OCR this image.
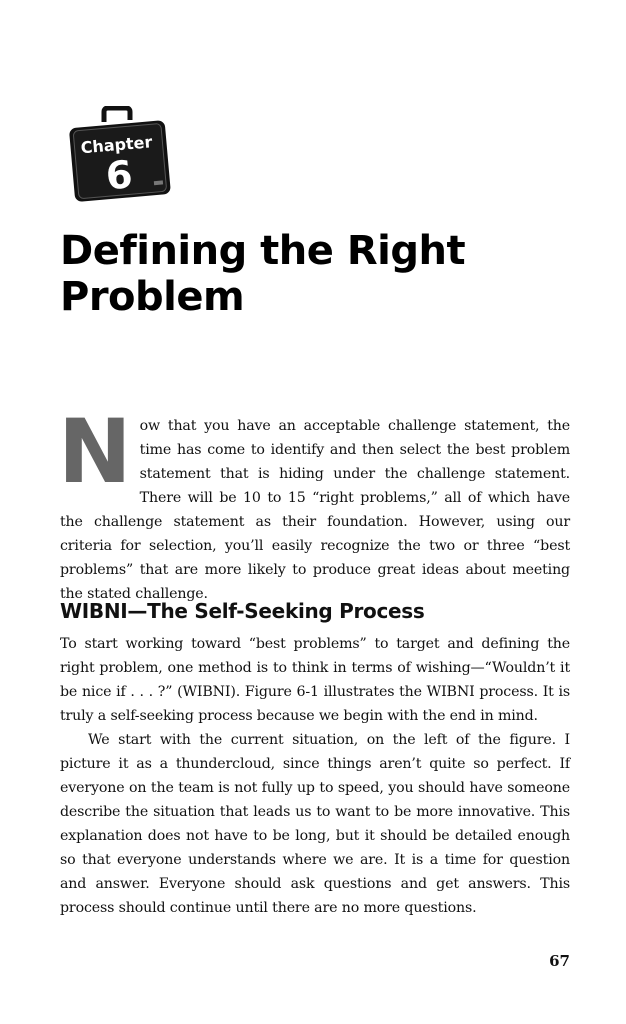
Chapter
6
Defining the Right
Problem
N ow that you have an acceptable challenge statement, the time has come to identify and then select the best problem statement that is hiding under the challenge statement. There will be 10 to 15 “right problems,” all of which have the challenge statement as their foundation. However, using our criteria for selection, you’ll easily recognize the two or three “best problems” that are more likely to produce great ideas about meeting the stated challenge.

WIBNI—The Self-Seeking Process

To start working toward “best problems” to target and defining the right problem, one method is to think in terms of wishing—“Wouldn’t it be nice if . . . ?” (WIBNI). Figure 6-1 illustrates the WIBNI process. It is truly a self-seeking process because we begin with the end in mind.

We start with the current situation, on the left of the figure. I picture it as a thundercloud, since things aren’t quite so perfect. If everyone on the team is not fully up to speed, you should have someone describe the situation that leads us to want to be more innovative. This explanation does not have to be long, but it should be detailed enough so that everyone understands where we are. It is a time for question and answer. Everyone should ask questions and get answers. This process should continue until there are no more questions.

67
